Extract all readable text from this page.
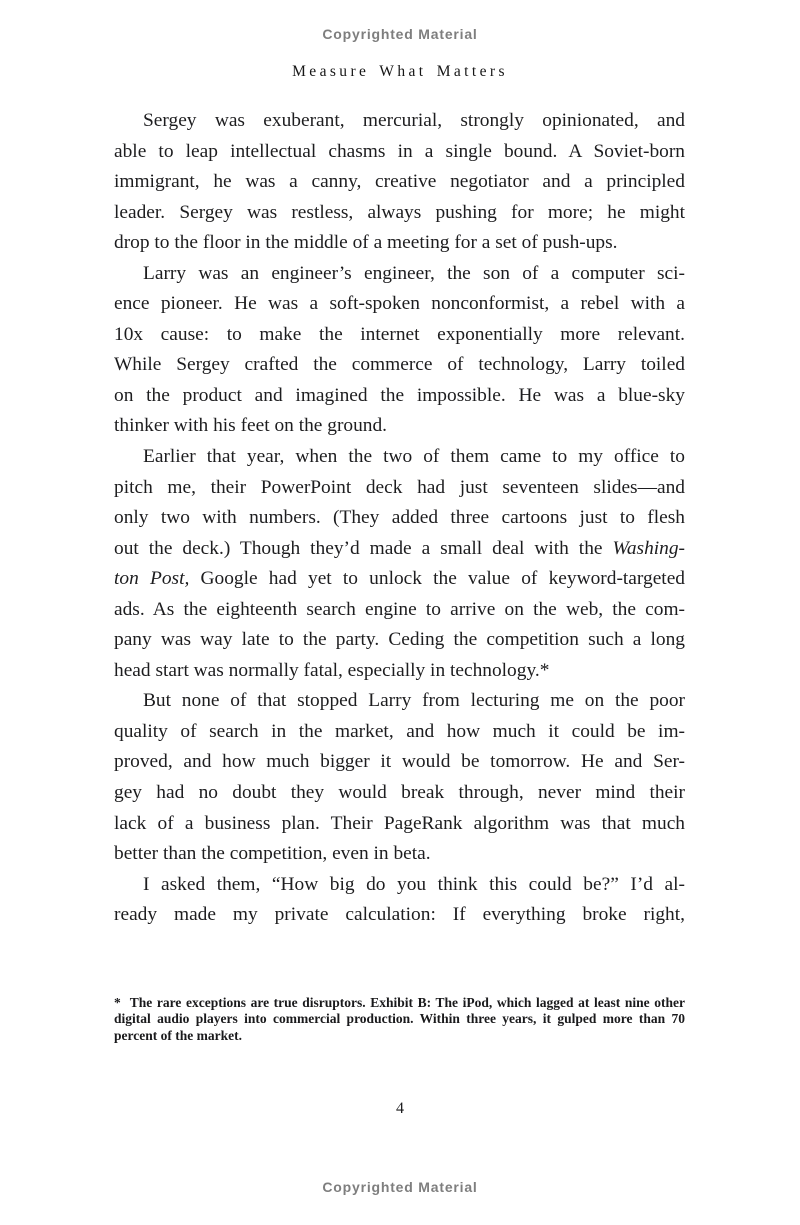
Copyrighted Material
Measure What Matters
Sergey was exuberant, mercurial, strongly opinionated, and
able to leap intellectual chasms in a single bound. A Soviet-born
immigrant, he was a canny, creative negotiator and a principled
leader. Sergey was restless, always pushing for more; he might
drop to the floor in the middle of a meeting for a set of push-ups.
Larry was an engineer’s engineer, the son of a computer sci-
ence pioneer. He was a soft-spoken nonconformist, a rebel with a
10x cause: to make the internet exponentially more relevant.
While Sergey crafted the commerce of technology, Larry toiled
on the product and imagined the impossible. He was a blue-sky
thinker with his feet on the ground.
Earlier that year, when the two of them came to my office to
pitch me, their PowerPoint deck had just seventeen slides—and
only two with numbers. (They added three cartoons just to flesh
out the deck.) Though they’d made a small deal with the Washing-
ton Post, Google had yet to unlock the value of keyword-targeted
ads. As the eighteenth search engine to arrive on the web, the com-
pany was way late to the party. Ceding the competition such a long
head start was normally fatal, especially in technology.*
But none of that stopped Larry from lecturing me on the poor
quality of search in the market, and how much it could be im-
proved, and how much bigger it would be tomorrow. He and Ser-
gey had no doubt they would break through, never mind their
lack of a business plan. Their PageRank algorithm was that much
better than the competition, even in beta.
I asked them, “How big do you think this could be?” I’d al-
ready made my private calculation: If everything broke right,
*  The rare exceptions are true disruptors. Exhibit B: The iPod, which lagged at least nine other
digital audio players into commercial production. Within three years, it gulped more than 70
percent of the market.
4
Copyrighted Material
